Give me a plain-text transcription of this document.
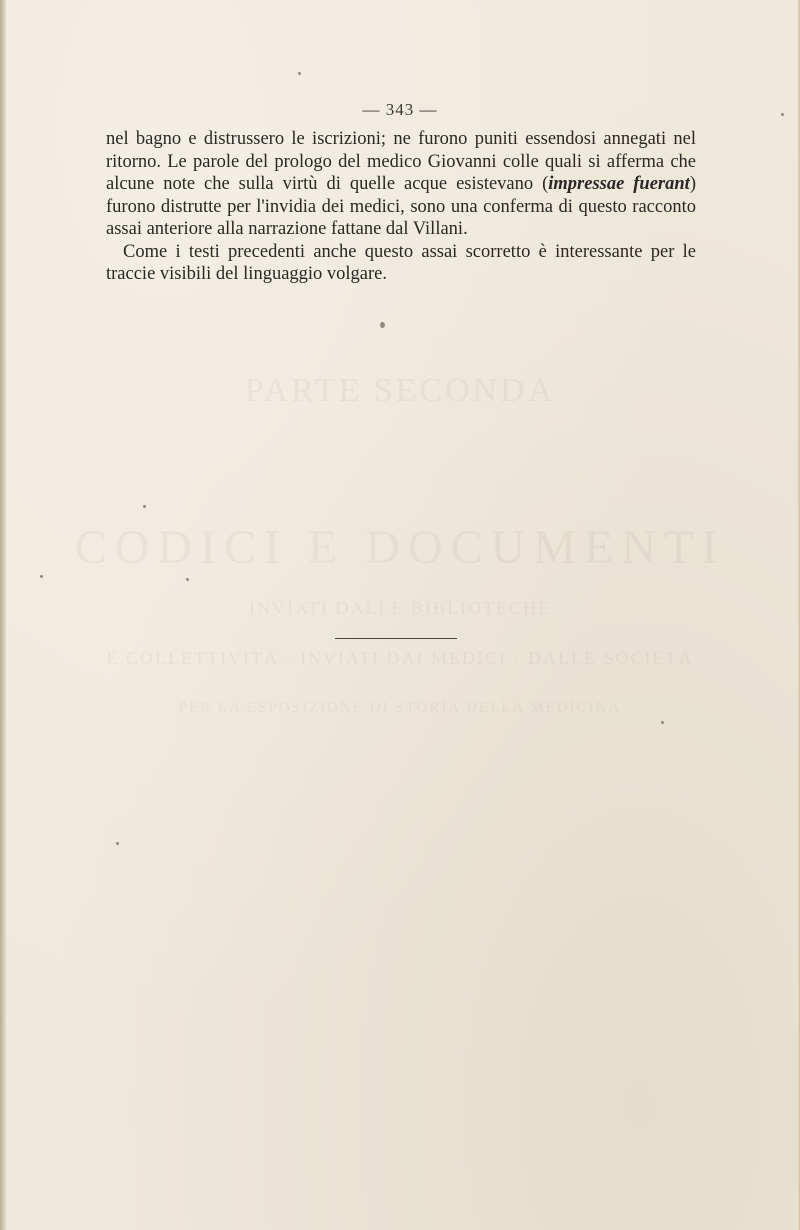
PARTE SECONDA
CODICI E DOCUMENTI
INVIATI DALLE BIBLIOTECHE
E COLLETTIVITÀ · INVIATI DAI MEDICI · DALLE SOCIETÀ
PER LA ESPOSIZIONE DI STORIA DELLA MEDICINA
— 343 —

nel bagno e distrussero le iscrizioni; ne furono puniti essendosi annegati nel ritorno. Le parole del prologo del medico Giovanni colle quali si afferma che alcune note che sulla virtù di quelle acque esistevano (impressae fuerant) furono distrutte per l'invidia dei medici, sono una conferma di questo racconto assai anteriore alla narrazione fattane dal Villani.

Come i testi precedenti anche questo assai scorretto è interessante per le traccie visibili del linguaggio volgare.
